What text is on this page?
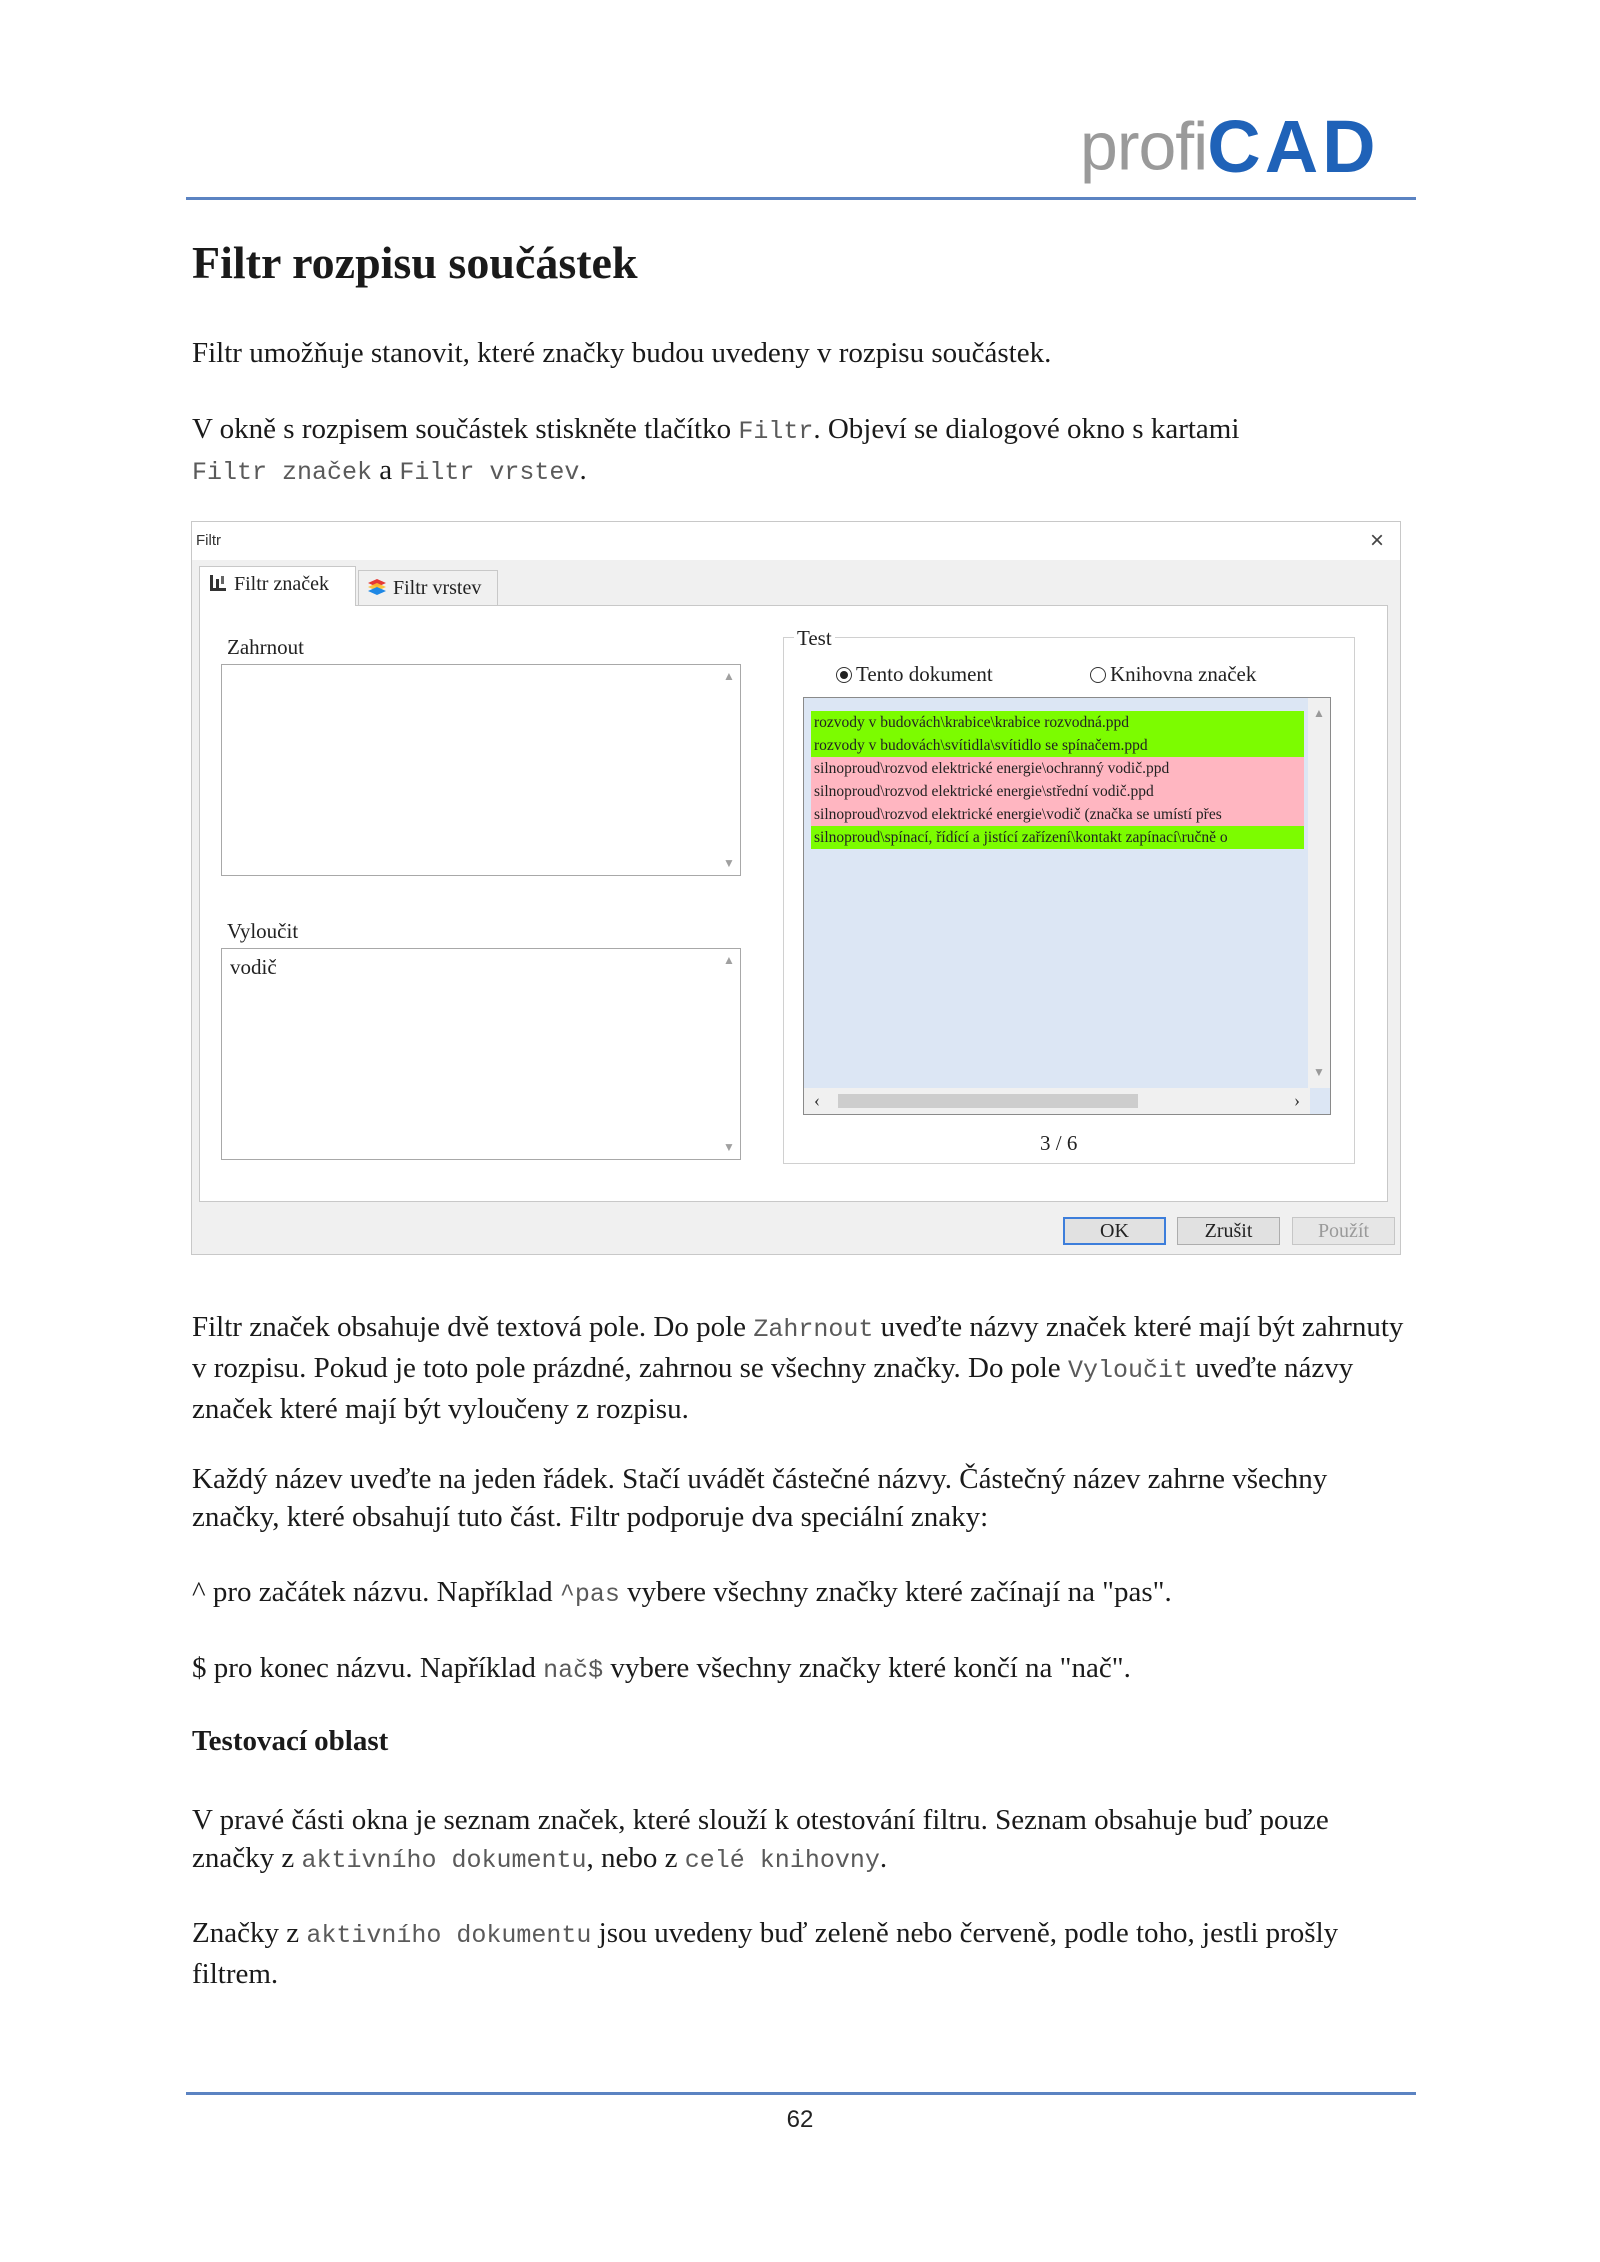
profiCAD
Filtr rozpisu součástek

Filtr umožňuje stanovit, které značky budou uvedeny v rozpisu součástek.

V okně s rozpisem součástek stiskněte tlačítko Filtr. Objeví se dialogové okno s kartami
Filtr značek a Filtr vrstev.

Filtr	×
Filtr značek	Filtr vrstev
Zahrnout
▲
▼
Vyloučit
vodič	▲
▼
Test
Tento dokument	Knihovna značek
rozvody v budovách\krabice\krabice rozvodná.ppd
rozvody v budovách\svítidla\svítidlo se spínačem.ppd
silnoproud\rozvod elektrické energie\ochranný vodič.ppd
silnoproud\rozvod elektrické energie\střední vodič.ppd
silnoproud\rozvod elektrické energie\vodič (značka se umístí přes
silnoproud\spínací, řídící a jistící zařízení\kontakt zapínací\ručně o
▲
▼
‹	›
3 / 6
OK	Zrušit	Použít

Filtr značek obsahuje dvě textová pole. Do pole Zahrnout uveďte názvy značek které mají být zahrnuty v rozpisu. Pokud je toto pole prázdné, zahrnou se všechny značky. Do pole Vyloučit uveďte názvy značek které mají být vyloučeny z rozpisu.

Každý název uveďte na jeden řádek. Stačí uvádět částečné názvy. Částečný název zahrne všechny značky, které obsahují tuto část. Filtr podporuje dva speciální znaky:

^ pro začátek názvu. Například ^pas vybere všechny značky které začínají na "pas".

$ pro konec názvu. Například nač$ vybere všechny značky které končí na "nač".

Testovací oblast

V pravé části okna je seznam značek, které slouží k otestování filtru. Seznam obsahuje buď pouze značky z aktivního dokumentu, nebo z celé knihovny.

Značky z aktivního dokumentu jsou uvedeny buď zeleně nebo červeně, podle toho, jestli prošly filtrem.

62
